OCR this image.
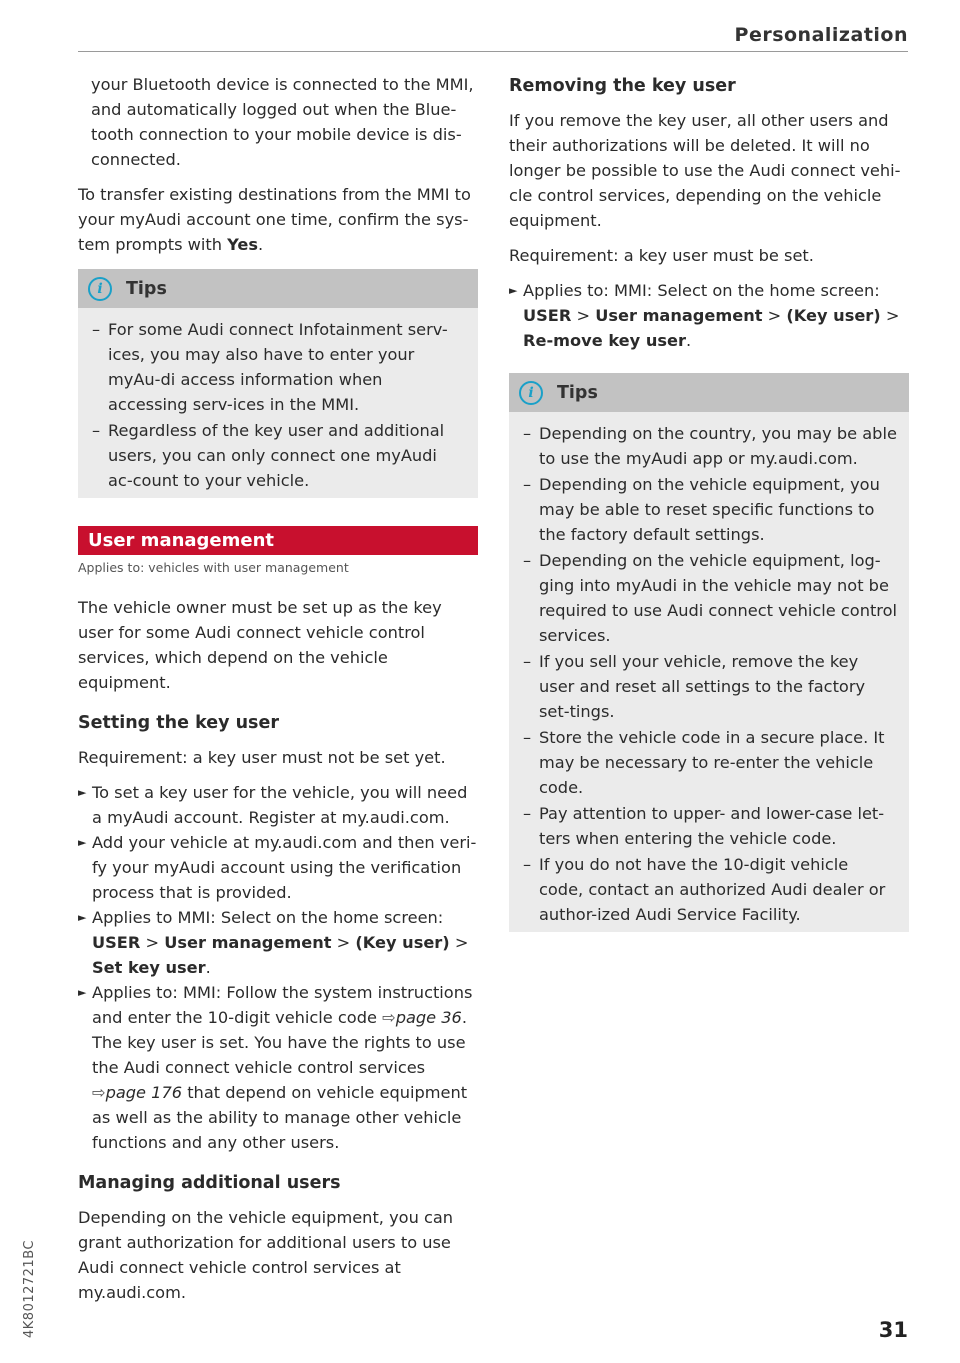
Personalization

your Bluetooth device is connected to the MMI, and automatically logged out when the Blue-tooth connection to your mobile device is dis-connected.

To transfer existing destinations from the MMI to your myAudi account one time, confirm the sys-tem prompts with Yes.

i	Tips
– For some Audi connect Infotainment serv-ices, you may also have to enter your myAu-di access information when accessing serv-ices in the MMI.
– Regardless of the key user and additional users, you can only connect one myAudi ac-count to your vehicle.
User management
Applies to: vehicles with user management

The vehicle owner must be set up as the key user for some Audi connect vehicle control services, which depend on the vehicle equipment.

Setting the key user

Requirement: a key user must not be set yet.

► To set a key user for the vehicle, you will need a myAudi account. Register at my.audi.com.
► Add your vehicle at my.audi.com and then veri-fy your myAudi account using the verification process that is provided.
► Applies to MMI: Select on the home screen: USER > User management > (Key user) > Set key user.
► Applies to: MMI: Follow the system instructions and enter the 10-digit vehicle code ⇨page 36. The key user is set. You have the rights to use the Audi connect vehicle control services ⇨page 176 that depend on vehicle equipment as well as the ability to manage other vehicle functions and any other users.
Managing additional users

Depending on the vehicle equipment, you can grant authorization for additional users to use Audi connect vehicle control services at my.audi.com.

Removing the key user

If you remove the key user, all other users and their authorizations will be deleted. It will no longer be possible to use the Audi connect vehi-cle control services, depending on the vehicle equipment.

Requirement: a key user must be set.

► Applies to: MMI: Select on the home screen: USER > User management > (Key user) > Re-move key user.
i	Tips
– Depending on the country, you may be able to use the myAudi app or my.audi.com.
– Depending on the vehicle equipment, you may be able to reset specific functions to the factory default settings.
– Depending on the vehicle equipment, log-ging into myAudi in the vehicle may not be required to use Audi connect vehicle control services.
– If you sell your vehicle, remove the key user and reset all settings to the factory set-tings.
– Store the vehicle code in a secure place. It may be necessary to re-enter the vehicle code.
– Pay attention to upper- and lower-case let-ters when entering the vehicle code.
– If you do not have the 10-digit vehicle code, contact an authorized Audi dealer or author-ized Audi Service Facility.
4K8012721BC	31
